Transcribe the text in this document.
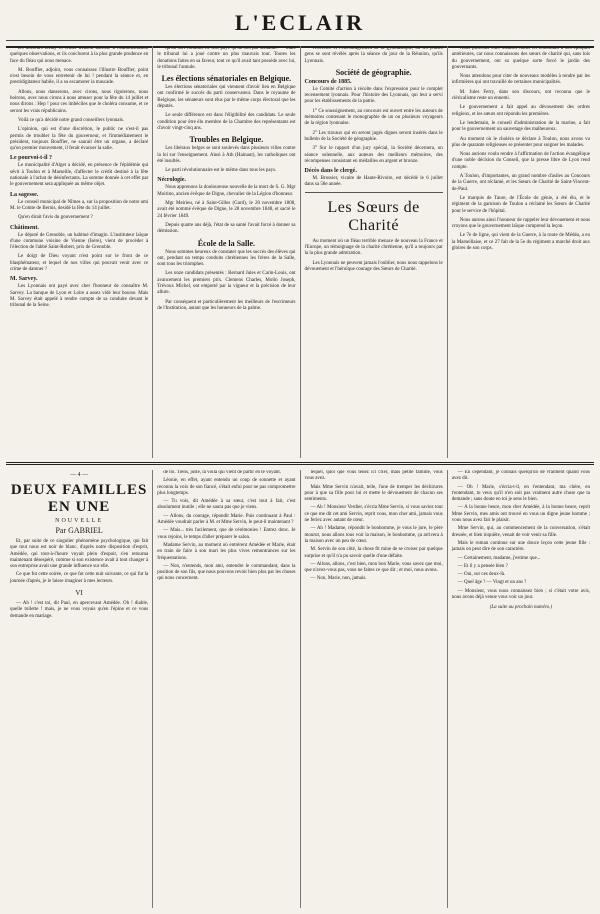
L'ECLAIR

les docteurs Délay et Ollier avaient adressé à l'administration quelques observations, et ils conclurent à la plus grande prudence en face du fléau qui nous menace.

M. Bouffier, adjoint, vous connaissez l'illustre Bouffier, point n'est besoin de vous entretenir de lui ! pendant la séance et, en prestidigitateur habile, il a su escamoter la mascade.

Allons, nous danserons, avec cirons, nous rigolerons, nous boirons, avec nous cirons à nous amuser pour la fête du 14 juillet et nous dirons : Hep ! pour ces imbéciles que le choléra consume, et ce seront les vrais républicains.

Voilà ce qu'a décidé notre grand conseillers lyonnais.

L'opinion, qui est d'une discrétion, le public ne s'est-il pas permis de troubler la fête du gouverneur, et l'immédiatement le président, toujours Bouffier, ne saurait être un organe, a déclaré qu'on premier mouvement, il ferait évacuer la salle.

Le pourvoi-t-il ?

Le municipalité d'Alger a décidé, en présence de l'épidémie qui sévit à Toulon et à Marseille, d'affecter le crédit destiné à la fête nationale à l'achat de désinfectants. La somme donnée à cet effet par le gouvernement sera appliquée au même objet.

La sagesse.

Le conseil municipal de Nîmes a, sur la proposition de notre ami M. le Comte de Bernis, desidé la fête du 14 juillet.

Qu'en dirait l'avis du gouvernement ?

Châtiment.

Le député de Grenoble, un habitué d'imagin. L'instituteur laïque d'une commune voisine de Vienne (Isère), vient de procéder à l'élection de l'abbé Saint-Robert, prix de Grenoble.

Le doigt de Dieu voyant n'est point sur le front de ce blasphémateur, et lequel de nos villes qui pouvait venir avec ce crime de damner ?

M. Sarvey.

Les Lyonnais ont payé avec cher l'honneur de connaître M. Sarvey. La banque de Lyon et Loire a assez vidé leur bourse. Mais M. Sarvey était appelé à rendre compte de sa conduite devant le tribunal de la Seine.

qu'un sort conduite ne leur paye qu'un sou par semaine. — Mais le tribunal lui a joué contre un plus mauvais tour. Toutes les donations faites en sa faveur, tout ce qu'il avait tant possède avec lui, le tribunal l'annule.

Les élections sénatoriales en Belgique.

Les élections sénatoriales qui viennent d'avoir lieu en Belgique ont confirmé le succès du parti conservateur. Dans le royaume de Belgique, les sénateurs sont élus par le même corps électoral que les députés.

Le seule différence est dans l'éligibilité des candidats. Le seule condition pour être élu membre de la Chambre des représentants est d'avoir vingt-cinq ans.

Troubles en Belgique.

Les libéraux belges se sont soulevés dans plusieurs villes contre la loi sur l'enseignement. Ainsi à Ath (Hainaut), les catholiques ont été insultés.

Le parti révolutionnaire est le même dans tous les pays.

Nécrologie.

Nous apprenons la douloureuse nouvelle de la mort de S. G. Mgr Moirino, ancien évêque de Digne, chevalier de la Légion d'honneur.

Mgr Meirieu, né à Saint-Gilles (Gard), le 20 novembre 1808, avait été nommé évêque de Digne, le 28 novembre 1848, et sacré le 24 février 1849.

Depuis quatre ans déjà, l'état de sa santé l'avait forcé à donner sa démission.

École de la Salle.

Nous sommes heureux de constater que les succès des élèves qui ont, pendant un temps conduits chrétiennes les frères de la Salle, sont tous les triomphes.

Les onze candidats présentés : Bernard Jules et Carin-Louis, ont avancement les premiers prix. Clemens Charles, Molin Joseph, Trévoux Michel, ont emporté par la vigueur et la précision de leur allure.

Par conséquent et particulièrement les meilleurs de l'escrimeurs de l'Institution, autant que les honneurs de la palme.

l'exercice et l'encouragement de la gymnastique, où les jeunes gens se sont révélés après la séance du jour de la Réunion, qu'ils Lyonnais.

Société de géographie.
Concours de 1885.

Le Comité d'action à récolte dans l'expression pour le complet recensement lyonnais. Pour l'histoire des Lyonnais, qui leur a servi pour les établissements de la patrie.

1° Ce soussignement, au concours est ouvert entre les auteurs de mémoires contenant le monographie de un ou plusieurs voyageurs de la région lyonnaise.

2° Les travaux qui en seront jugés dignes seront insérés dans le bulletin de la Société de géographie.

3° Sur le rapport d'un jury spécial, la Société décernera, on séance solennelle, aux auteurs des meilleurs mémoires, des récompenses consistant en médailles en argent et bronze.

Décès dans le clergé.

M. Brossier, vicaire de Haute-Rivoire, est décédé le 6 juillet dans sa 58e année.

Les Sœurs de Charité

Au moment où un fléau terrible menace de nouveau la France et l'Europe, un témoignage de la charité chrétienne, qu'il a toujours par la la plus grande admiration.

Les Lyonnais ne peuvent jamais l'oublier, nous nous rappelons le dévouement et l'héroïque courage des Sœurs de Charité.

Nous pouvons citer d'autres noms en remontant à des époques antérieures, car nous connaissons des sœurs de charité qui, sans lois du gouvernement, ont su quelque sorte forcé le jardin des gouvernants.

Nous attendons pour citer de nouveaux modèles à rendre par les infirmières qui ont travaillé de certaines municipalités.

M. Jules Ferry, dans son discours, ont reconnu que le cléricalisme reste un ennemi.

Le gouvernement a fait appel au dévouement des ordres religieux, et les sœurs ont répondu les premières.

Le lendemain, le conseil d'administration de la marine, a fait pour le gouvernement un sauvetage des malheureux.

Au moment où le choléra se déclare à Toulon, nous avons vu plus de quarante religieuses se présenter pour soigner les malades.

Nous aurions voulu rendre à l'affirmation de l'action évangélique d'une noble décision du Conseil, que la presse libre de Lyon rend compte.

A Toulon, d'importantes, un grand nombre d'asiles au Concours de la Guerre, ont réclamé, et les Sœurs de Charité de Saint-Vincent-de-Paul.

Le marquis de Taure, de l'École du génie, a été élu, et le régiment de la garnison de Toulon a réclamé les Sœurs de Charité pour le service de l'hôpital.

Nous aurons ainsi l'honneur de rappeler leur dévouement et nous croyons que le gouvernement laïque comprend la leçon.

Le 7e de ligne, qui vient de la Guerre, à la route de Médéa, a eu la Marseillaise, et ce 27 fait de la 5e du régiment a marché droit aux gloires de son corps.

— 4 —
DEUX FAMILLES EN UNE
NOUVELLE
Par GABRIEL

Et, par suite de ce singulier phénomène psychologique, qui fait que tout nous est noir de blanc, d'après notre disposition d'esprit, Amédée, qui tout-à-l'heure voyait plein d'espoir, s'en retourna maintenant désespéré, comme si son existence avait à tout changer à son entreprise avait une grande influence sur elle.

Ce que fut cette soirée, ce que fut cette nuit suivante, ce qui fut la journée d'après, je le laisse imaginer à mes lecteurs.

VI

— Ah ! c'est toi, dit Paul, en apercevant Amédée. Oh ! diable, quelle toilette ! mais, je ne vous voyais qu'en l'épine et ce vous demande en mariage.

de toi. Tiens, juste, la voilà qui vient de partir en te voyant.

Léonie, en effet, ayant entendu un coup de sonnette et ayant reconnu la voix de son fiancé, s'était enfui pour ne pas compromettre plus longtemps.

— Tu vois, dit Amédée à sa sœur, c'est tout à fait, c'est absolument inutile ; elle ne saura pas que je viens.

— Allons, du courage, répondit Marie. Puis continuant à Paul : Amédée voudrait parler à M. et Mme Servin, le peut-il maintenant ?

— Mais... très facilement, que de cérémonies ! Entrez donc. Je vous rejoins, le temps d'aller préparer le salon.

Madame Servin, au moment où entrèrent Amédée et Marie, était en train de faire à son mari les plus vives remontrances sur les fréquentations.

— Non, n'entends, mon ami, entendre le commandant, dans la position de son fils, que nous pouvons revoir bien plus par les choses qui nous concernent.

lequel, quoi que vous tenez ici crier, mais petite famille, vous vous avez.

Mais Mme Servin n'avait, telle, l'une de tremper les déchirures pour à que sa fille pour lui et mette le dévouement de chacun ses sentiments.

— Ah ! Monsieur Verdier, s'écria Mme Servin, si vous saviez tout ce que me dit cet ami Servin, reprit vous, mon cher ami, jamais vous ne feriez avec autant de cœur.

— Ah ! Madame, répondit le bonhomme, je vous le jure, le père mourut, nous allons tous voir la maison, le bonhomme, ça arrivera à la maison avec un peu de cœur.

M. Servin de son côté, la chose fit mine de se croiser par quelque surprise et qu'il n'a pu savoir quelle d'une défaite.

— Allons, allons, c'est bien, mon bon Marie, vous savez que moi, que n'avez-vous pas, vous ne faites ce que dit ; et moi, nous avons.

— Non, Marie, non, jamais.

— En cependant, je connais quelqu'un de vraiment quand vous avez dit.

— Oh ! Marie, s'écria-t-il, en t'entendant, ma chère, en t'entendant, tu veux qu'il n'en soit pas vraiment autre chose que ta demande ; sans doute en toi je sens le bien.

— A la bonne heure, mon cher Amédée, à la bonne heure, reprit Mme Servin, mes amis ont trouvé en vous un digne jeune homme ; vous nous avez fait le plaisir.

Mme Servin, qui, au commencement de la conversation, s'était dressée, et bien inquiète, venait de voir venir sa fille.

Mais le roman continue sur une douce leçon cette jeune fille : jamais on peut dire de son caractère.

— Certainement, madame, j'estime que...

— Et il y a pensée bien ?

— Oui, sur ces deux-là.

— Quel âge ? — Vingt et un ans ?

— Monsieur, vous nous connaissez bien ; si c'était votre avis, nous avons déjà venue vous voir un jour.

(La suite au prochain numéro.)
